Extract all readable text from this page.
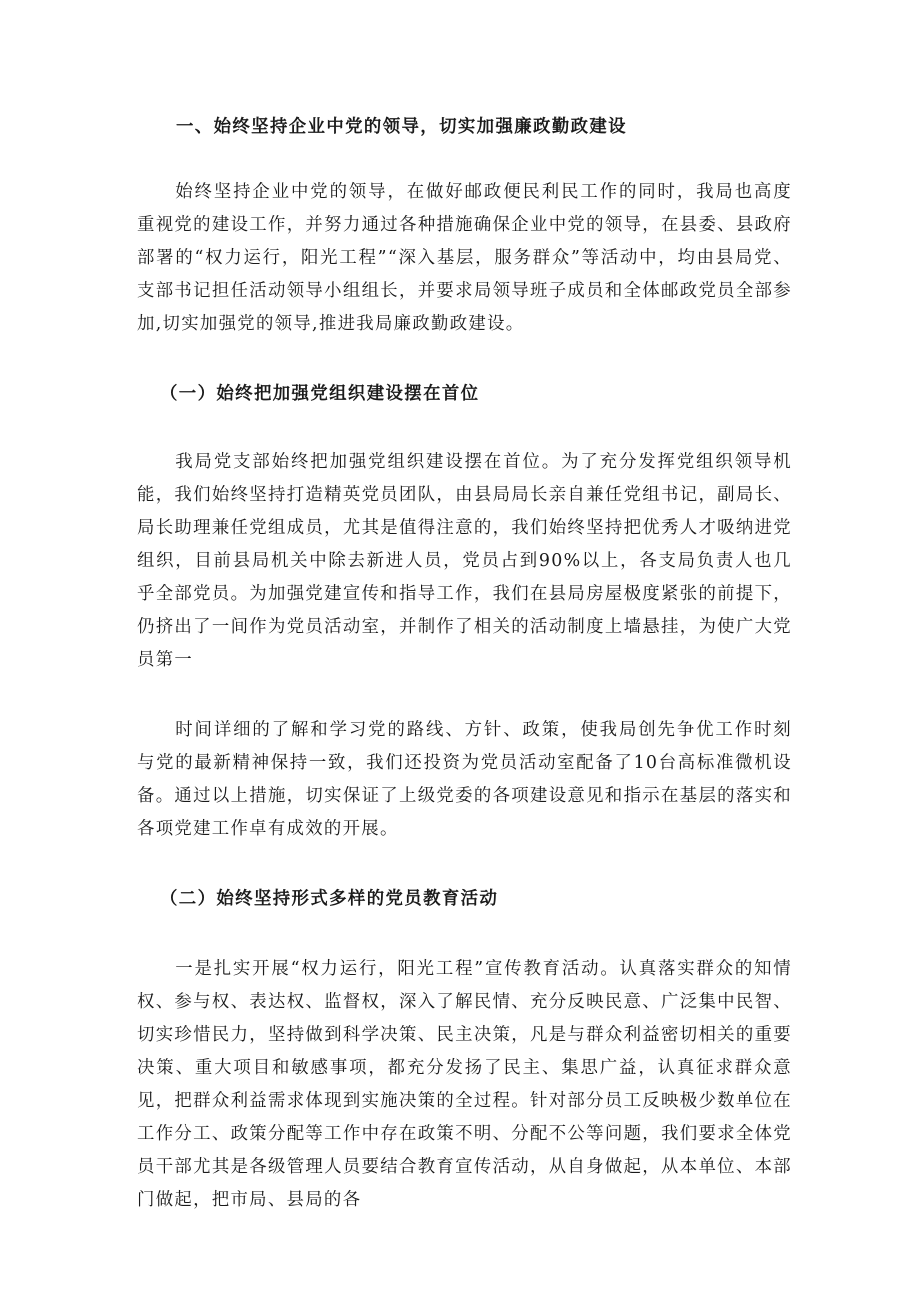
一、始终坚持企业中党的领导，切实加强廉政勤政建设

始终坚持企业中党的领导，在做好邮政便民利民工作的同时，我局也高度重视党的建设工作，并努力通过各种措施确保企业中党的领导，在县委、县政府部署的“权力运行，阳光工程”“深入基层，服务群众”等活动中，均由县局党、支部书记担任活动领导小组组长，并要求局领导班子成员和全体邮政党员全部参加,切实加强党的领导,推进我局廉政勤政建设。

（一）始终把加强党组织建设摆在首位

我局党支部始终把加强党组织建设摆在首位。为了充分发挥党组织领导机能，我们始终坚持打造精英党员团队，由县局局长亲自兼任党组书记，副局长、局长助理兼任党组成员，尤其是值得注意的，我们始终坚持把优秀人才吸纳进党组织，目前县局机关中除去新进人员，党员占到90%以上，各支局负责人也几乎全部党员。为加强党建宣传和指导工作，我们在县局房屋极度紧张的前提下，仍挤出了一间作为党员活动室，并制作了相关的活动制度上墙悬挂，为使广大党员第一

时间详细的了解和学习党的路线、方针、政策，使我局创先争优工作时刻与党的最新精神保持一致，我们还投资为党员活动室配备了10台高标准微机设备。通过以上措施，切实保证了上级党委的各项建设意见和指示在基层的落实和各项党建工作卓有成效的开展。

（二）始终坚持形式多样的党员教育活动

一是扎实开展“权力运行，阳光工程”宣传教育活动。认真落实群众的知情权、参与权、表达权、监督权，深入了解民情、充分反映民意、广泛集中民智、切实珍惜民力，坚持做到科学决策、民主决策，凡是与群众利益密切相关的重要决策、重大项目和敏感事项，都充分发扬了民主、集思广益，认真征求群众意见，把群众利益需求体现到实施决策的全过程。针对部分员工反映极少数单位在工作分工、政策分配等工作中存在政策不明、分配不公等问题，我们要求全体党员干部尤其是各级管理人员要结合教育宣传活动，从自身做起，从本单位、本部门做起，把市局、县局的各
